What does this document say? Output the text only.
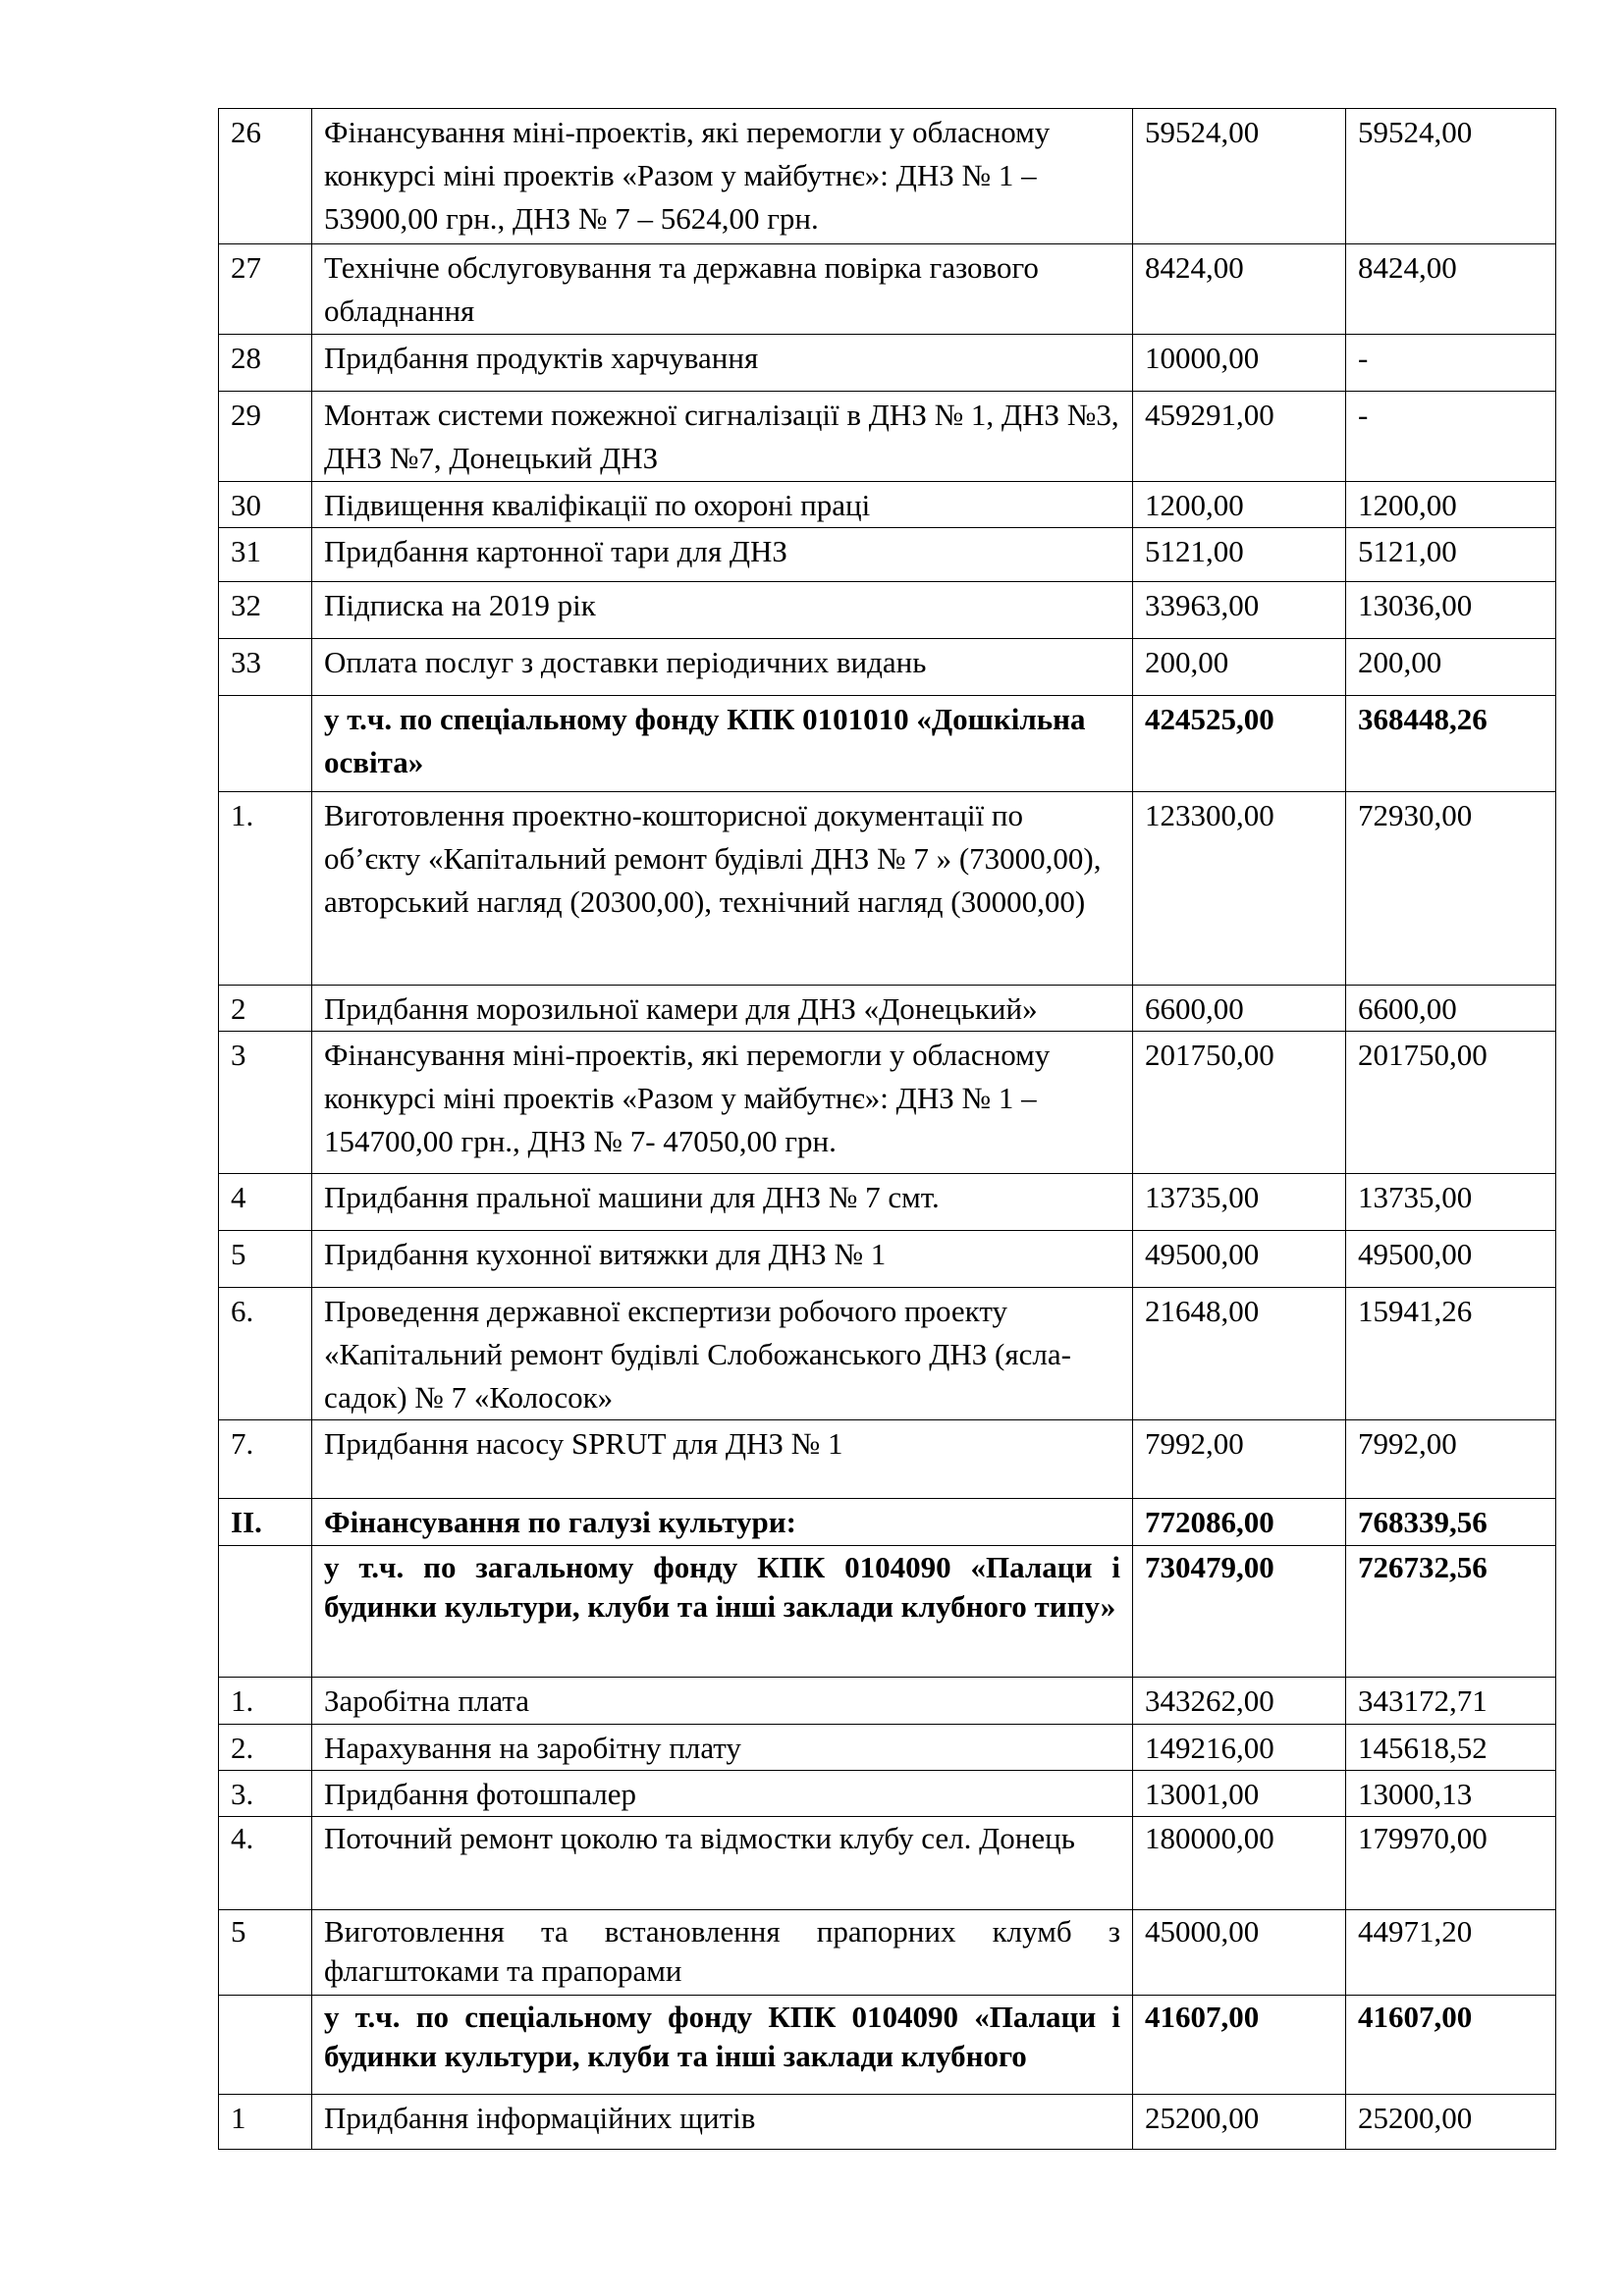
26	Фінансування міні-проектів, які перемогли у обласному конкурсі міні проектів «Разом у майбутнє»: ДНЗ № 1 – 53900,00 грн., ДНЗ № 7 – 5624,00 грн.	59524,00	59524,00
27	Технічне обслуговування та державна повірка газового обладнання	8424,00	8424,00
28	Придбання продуктів харчування	10000,00	-
29	Монтаж системи пожежної сигналізації в ДНЗ № 1, ДНЗ №3, ДНЗ №7, Донецький ДНЗ	459291,00	-
30	Підвищення кваліфікації по охороні праці	1200,00	1200,00
31	Придбання картонної тари для ДНЗ	5121,00	5121,00
32	Підписка на 2019 рік	33963,00	13036,00
33	Оплата послуг з доставки періодичних видань	200,00	200,00
	у т.ч. по спеціальному фонду КПК 0101010 «Дошкільна освіта»	424525,00	368448,26
1.	Виготовлення проектно-кошторисної документації по об’єкту «Капітальний ремонт будівлі ДНЗ № 7 » (73000,00), авторський нагляд (20300,00), технічний нагляд (30000,00)	123300,00	72930,00
2	Придбання морозильної камери для ДНЗ «Донецький»	6600,00	6600,00
3	Фінансування міні-проектів, які перемогли у обласному конкурсі міні проектів «Разом у майбутнє»: ДНЗ № 1 – 154700,00 грн., ДНЗ № 7- 47050,00 грн.	201750,00	201750,00
4	Придбання пральної машини для ДНЗ № 7 смт.	13735,00	13735,00
5	Придбання кухонної витяжки для ДНЗ № 1	49500,00	49500,00
6.	Проведення державної експертизи робочого проекту «Капітальний ремонт будівлі Слобожанського ДНЗ (ясла-садок) № 7 «Колосок»	21648,00	15941,26
7.	Придбання насосу SPRUT для ДНЗ № 1	7992,00	7992,00
ІІ.	Фінансування по галузі культури:	772086,00	768339,56
	у т.ч. по загальному фонду КПК 0104090 «Палаци і будинки культури, клуби та інші заклади клубного типу»	730479,00	726732,56
1.	Заробітна плата	343262,00	343172,71
2.	Нарахування на заробітну плату	149216,00	145618,52
3.	Придбання фотошпалер	13001,00	13000,13
4.	Поточний ремонт цоколю та відмостки клубу сел. Донець	180000,00	179970,00
5	Виготовлення та встановлення прапорних клумб з флагштоками та прапорами	45000,00	44971,20
	у т.ч. по спеціальному фонду КПК 0104090 «Палаци і будинки культури, клуби та інші заклади клубного	41607,00	41607,00
1	Придбання інформаційних щитів	25200,00	25200,00
